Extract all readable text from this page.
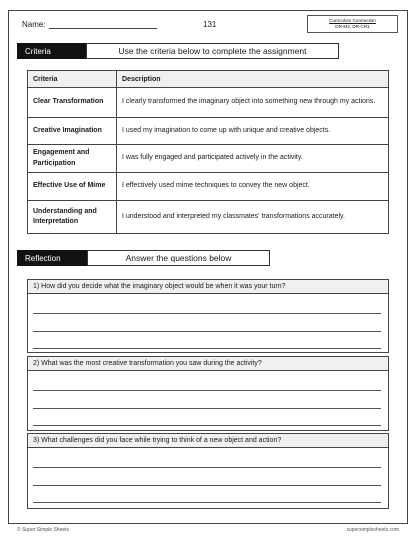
Name:	131	Curriculum Connection
DR-M2, DR-CR1
Criteria	Use the criteria below to complete the assignment
Criteria	Description
Clear Transformation	I clearly transformed the imaginary object into something new through my actions.
Creative Imagination	I used my imagination to come up with unique and creative objects.
Engagement and Participation	I was fully engaged and participated actively in the activity.
Effective Use of Mime	I effectively used mime techniques to convey the new object.
Understanding and Interpretation	I understood and interpreted my classmates' transformations accurately.
Reflection	Answer the questions below
1) How did you decide what the imaginary object would be when it was your turn?
2) What was the most creative transformation you saw during the activity?
3) What challenges did you face while trying to think of a new object and action?
© Super Simple Sheets	supersimplesheets.com
